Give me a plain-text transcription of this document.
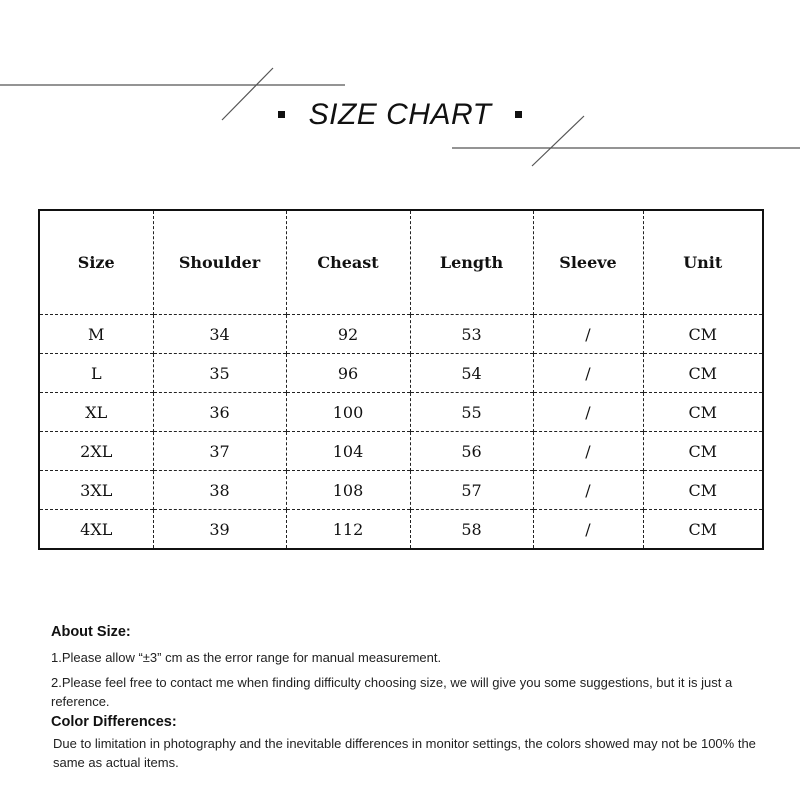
SIZE CHART
Size	Shoulder	Cheast	Length	Sleeve	Unit
M	34	92	53	/	CM
L	35	96	54	/	CM
XL	36	100	55	/	CM
2XL	37	104	56	/	CM
3XL	38	108	57	/	CM
4XL	39	112	58	/	CM
About Size:

1.Please allow “±3” cm as the error range for manual measurement.

2.Please feel free to contact me when finding difficulty choosing size, we will give you some suggestions, but it is just a reference.

Color Differences:

Due to limitation in photography and the inevitable differences in monitor settings, the colors showed may not be 100% the same as actual items.
